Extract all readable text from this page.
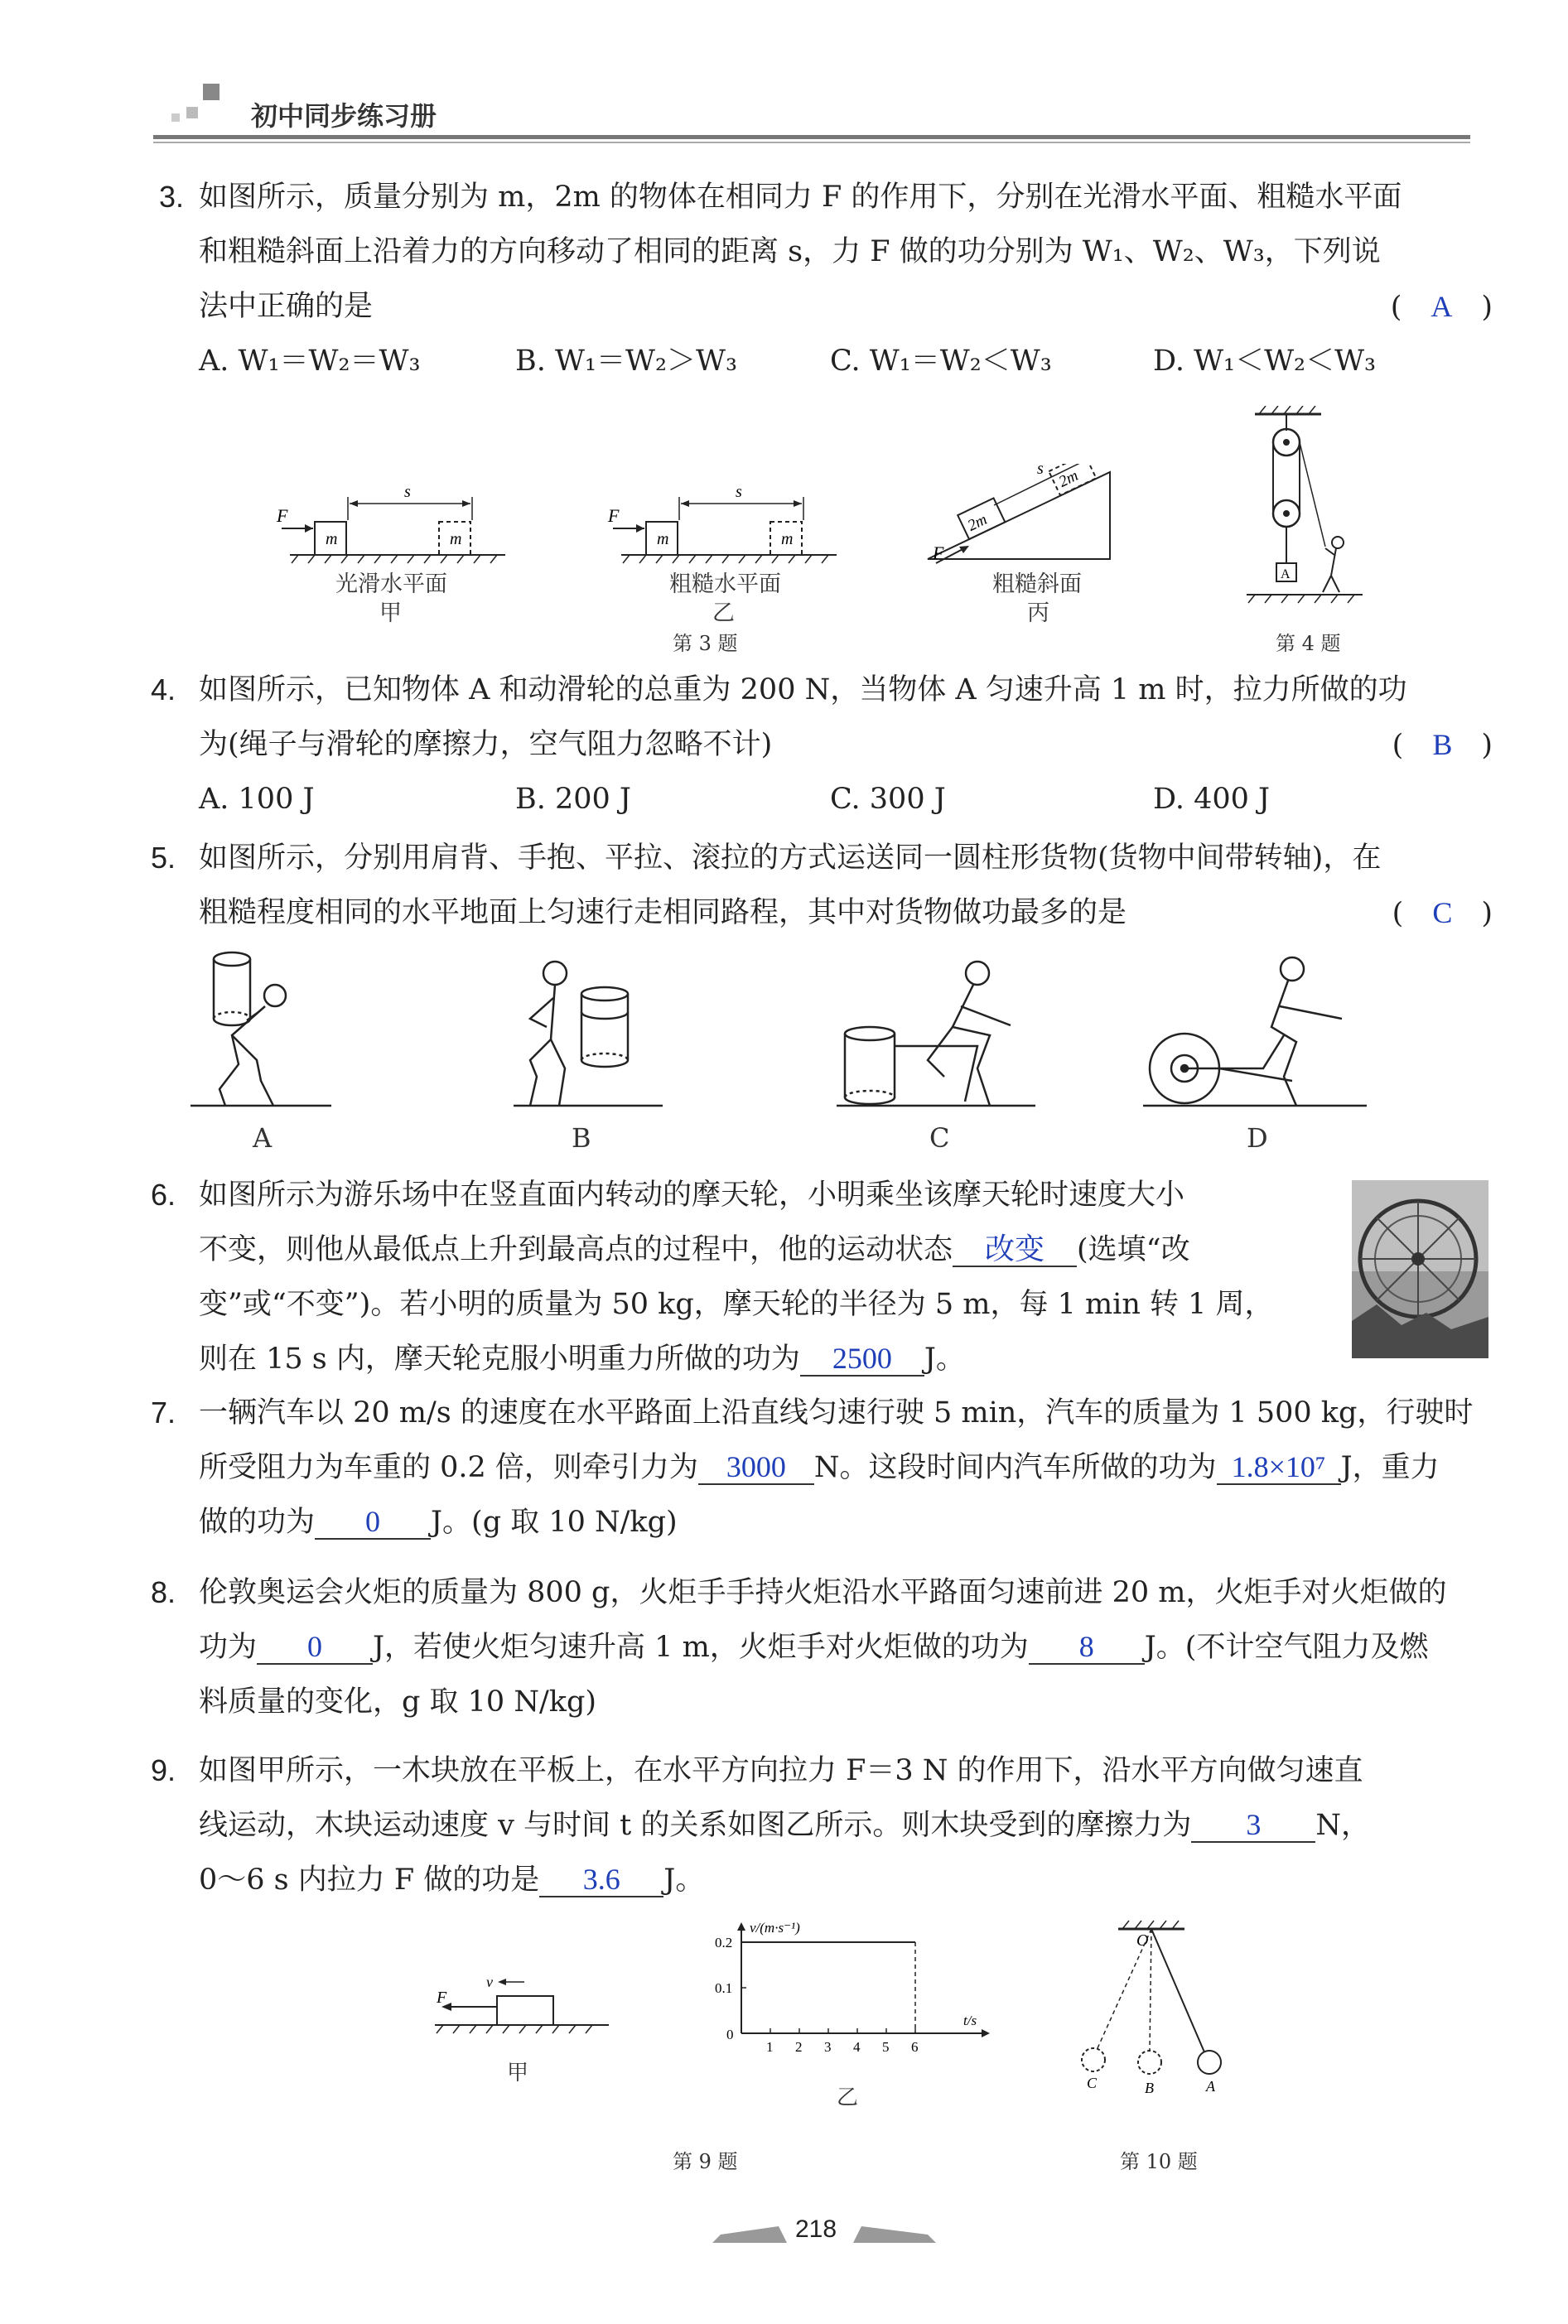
初中同步练习册
3. 如图所示，质量分别为 m，2m 的物体在相同力 F 的作用下，分别在光滑水平面、粗糙水平面
和粗糙斜面上沿着力的方向移动了相同的距离 s，力 F 做的功分别为 W₁、W₂、W₃，下列说
法中正确的是	(　A　)
A. W₁＝W₂＝W₃	B. W₁＝W₂＞W₃	C. W₁＝W₂＜W₃	D. W₁＜W₂＜W₃
m	m
F
s
m	m
F
s
2m
2m
F
s
光滑水平面
甲
粗糙水平面
乙
粗糙斜面
丙
第 3 题
A
第 4 题
4. 如图所示，已知物体 A 和动滑轮的总重为 200 N，当物体 A 匀速升高 1 m 时，拉力所做的功
为(绳子与滑轮的摩擦力，空气阻力忽略不计)	(　B　)
A. 100 J	B. 200 J	C. 300 J	D. 400 J
5. 如图所示，分别用肩背、手抱、平拉、滚拉的方式运送同一圆柱形货物(货物中间带转轴)，在
粗糙程度相同的水平地面上匀速行走相同路程，其中对货物做功最多的是	(　C　)
A	B	C	D
6. 如图所示为游乐场中在竖直面内转动的摩天轮，小明乘坐该摩天轮时速度大小
不变，则他从最低点上升到最高点的过程中，他的运动状态 改变 (选填“改
变”或“不变”)。若小明的质量为 50 kg，摩天轮的半径为 5 m，每 1 min 转 1 周，
则在 15 s 内，摩天轮克服小明重力所做的功为 2500 J。
7. 一辆汽车以 20 m/s 的速度在水平路面上沿直线匀速行驶 5 min，汽车的质量为 1 500 kg，行驶时
所受阻力为车重的 0.2 倍，则牵引力为 3000 N。这段时间内汽车所做的功为 1.8×10⁷ J，重力
做的功为 0 J。(g 取 10 N/kg)
8. 伦敦奥运会火炬的质量为 800 g，火炬手手持火炬沿水平路面匀速前进 20 m，火炬手对火炬做的
功为 0 J，若使火炬匀速升高 1 m，火炬手对火炬做的功为 8 J。(不计空气阻力及燃
料质量的变化，g 取 10 N/kg)
9. 如图甲所示，一木块放在平板上，在水平方向拉力 F＝3 N 的作用下，沿水平方向做匀速直
线运动，木块运动速度 v 与时间 t 的关系如图乙所示。则木块受到的摩擦力为 3 N，
0～6 s 内拉力 F 做的功是 3.6 J。
F
v
甲
v/(m·s⁻¹)
t/s
0
1 2 3 4 5 6
0.1
0.2
乙
第 9 题
O
A
B
C
第 10 题
218
